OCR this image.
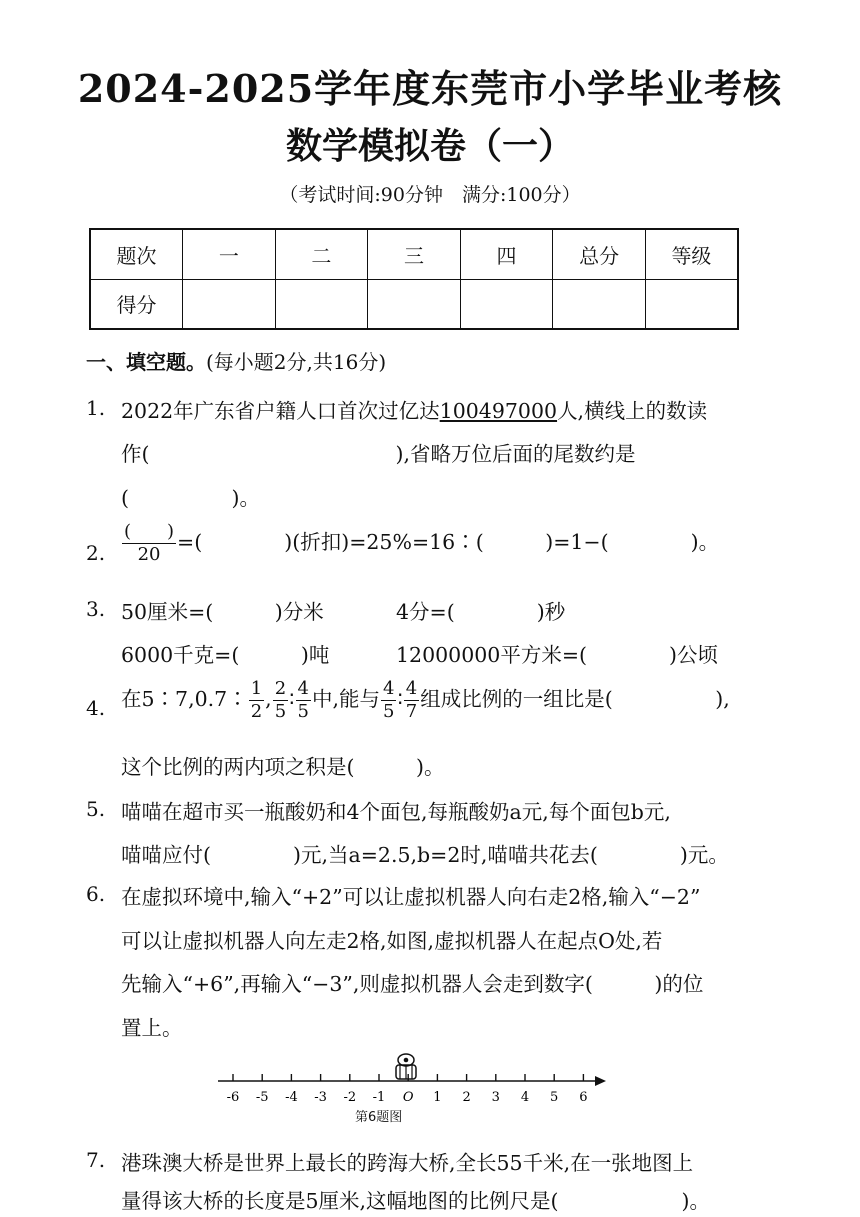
2024-2025学年度东莞市小学毕业考核
数学模拟卷（一）
（考试时间:90分钟　满分:100分）
题次	一	二	三	四	总分	等级
得分						
一、填空题。(每小题2分,共16分)
1. 2022年广东省户籍人口首次过亿达100497000人,横线上的数读
作(　　　　　　　　　　　　),省略万位后面的尾数约是
(　　　　　)。
2. $\frac{( )}{20}$ =(　　　　)(折扣)=25%=16∶(　　　)=1−(　　　　)。
3. 50厘米=(　　　)分米	4分=(　　　　)秒
6000千克=(　　　)吨	12000000平方米=(　　　　)公顷
4. 在5∶7,0.7∶ $\frac{1}{2}$ , $\frac{2}{5}$ ∶ $\frac{4}{5}$ 中,能与 $\frac{4}{5}$ ∶ $\frac{4}{7}$ 组成比例的一组比是(　　　　　),
这个比例的两内项之积是(　　　)。
5. 喵喵在超市买一瓶酸奶和4个面包,每瓶酸奶a元,每个面包b元,
喵喵应付(　　　　)元,当a=2.5,b=2时,喵喵共花去(　　　　)元。
6. 在虚拟环境中,输入“+2”可以让虚拟机器人向右走2格,输入“−2”
可以让虚拟机器人向左走2格,如图,虚拟机器人在起点O处,若
先输入“+6”,再输入“−3”,则虚拟机器人会走到数字(　　　)的位
置上。
-6 -5 -4 -3 -2 -1 O 1 2 3 4 5 6
第6题图
7. 港珠澳大桥是世界上最长的跨海大桥,全长55千米,在一张地图上
量得该大桥的长度是5厘米,这幅地图的比例尺是(　　　　　　)。
